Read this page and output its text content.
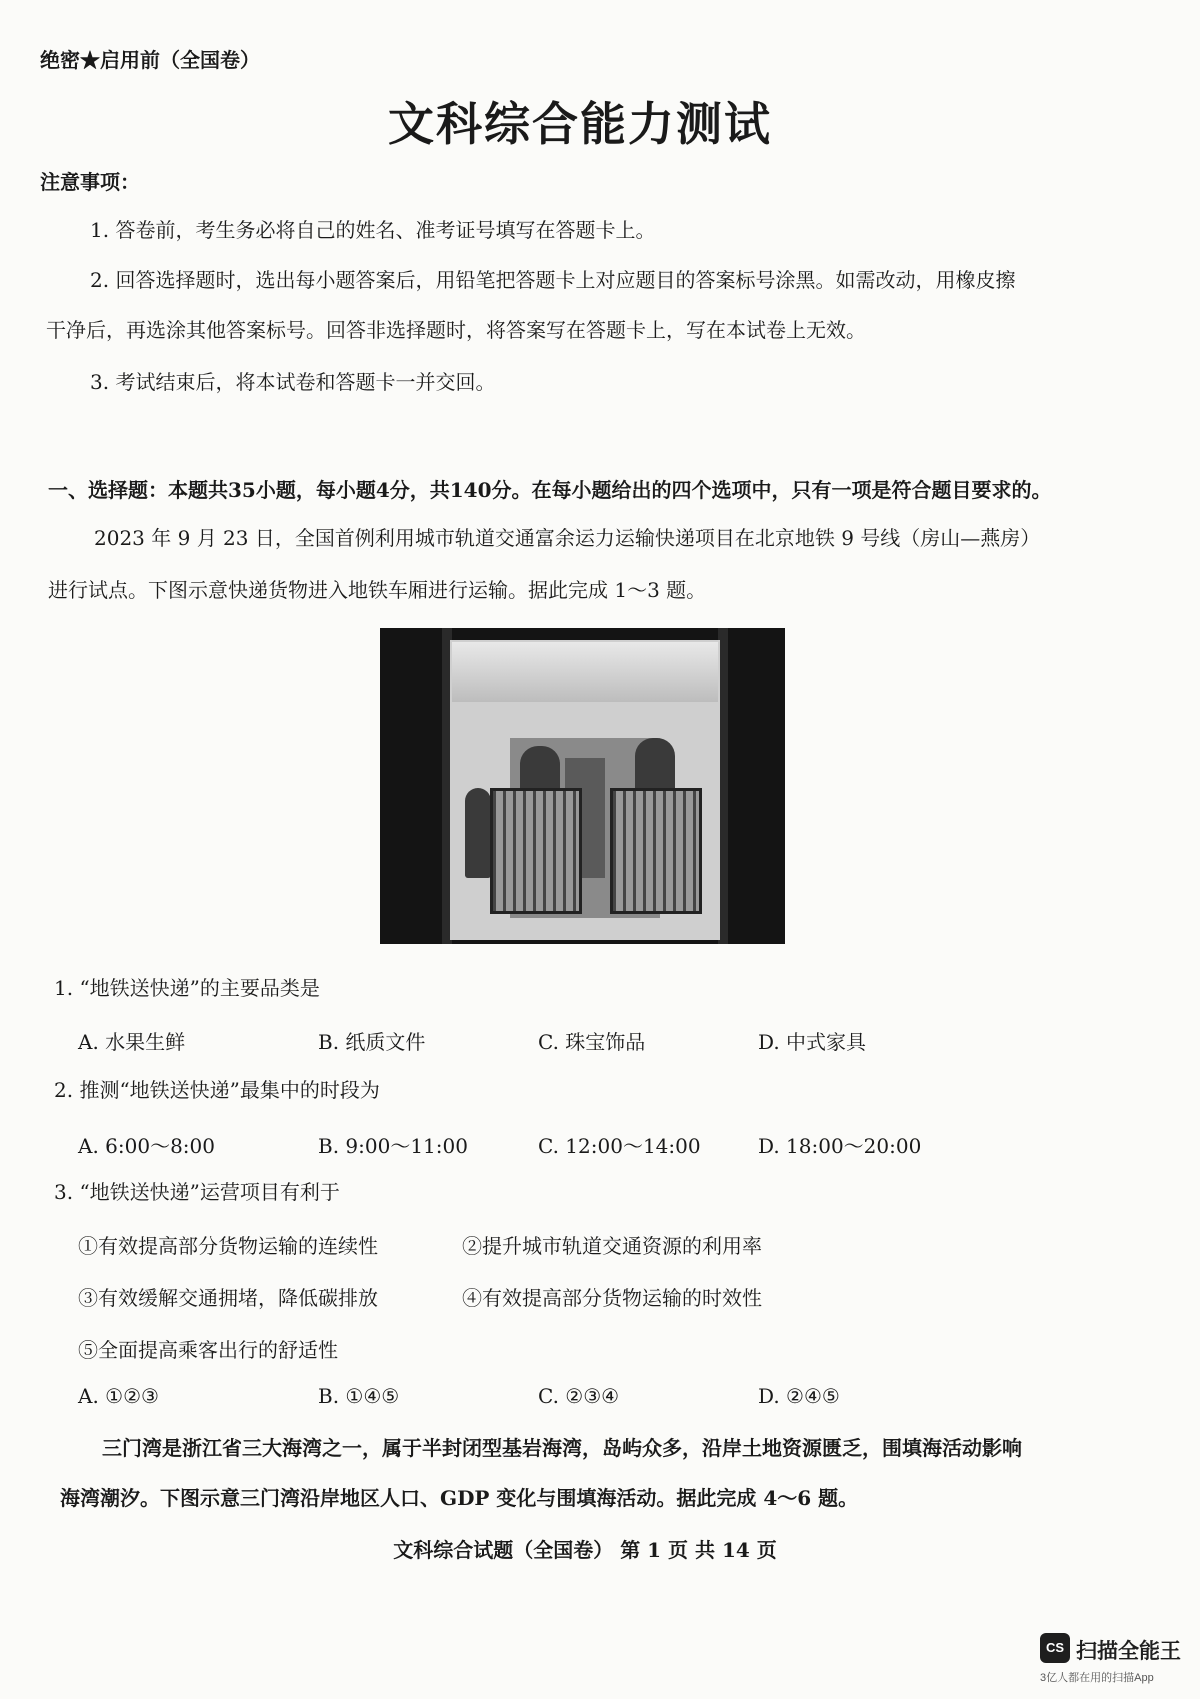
绝密★启用前（全国卷）
文科综合能力测试
注意事项：
1. 答卷前，考生务必将自己的姓名、准考证号填写在答题卡上。
2. 回答选择题时，选出每小题答案后，用铅笔把答题卡上对应题目的答案标号涂黑。如需改动，用橡皮擦
干净后，再选涂其他答案标号。回答非选择题时，将答案写在答题卡上，写在本试卷上无效。
3. 考试结束后，将本试卷和答题卡一并交回。
一、选择题：本题共35小题，每小题4分，共140分。在每小题给出的四个选项中，只有一项是符合题目要求的。
2023 年 9 月 23 日，全国首例利用城市轨道交通富余运力运输快递项目在北京地铁 9 号线（房山—燕房）
进行试点。下图示意快递货物进入地铁车厢进行运输。据此完成 1～3 题。
1. “地铁送快递”的主要品类是
A. 水果生鲜	B. 纸质文件	C. 珠宝饰品	D. 中式家具
2. 推测“地铁送快递”最集中的时段为
A. 6:00～8:00	B. 9:00～11:00	C. 12:00～14:00	D. 18:00～20:00
3. “地铁送快递”运营项目有利于
①有效提高部分货物运输的连续性	②提升城市轨道交通资源的利用率
③有效缓解交通拥堵，降低碳排放	④有效提高部分货物运输的时效性
⑤全面提高乘客出行的舒适性
A. ①②③	B. ①④⑤	C. ②③④	D. ②④⑤
三门湾是浙江省三大海湾之一，属于半封闭型基岩海湾，岛屿众多，沿岸土地资源匮乏，围填海活动影响
海湾潮汐。下图示意三门湾沿岸地区人口、GDP 变化与围填海活动。据此完成 4～6 题。
文科综合试题（全国卷） 第 1 页 共 14 页
CS 扫描全能王
3亿人都在用的扫描App
